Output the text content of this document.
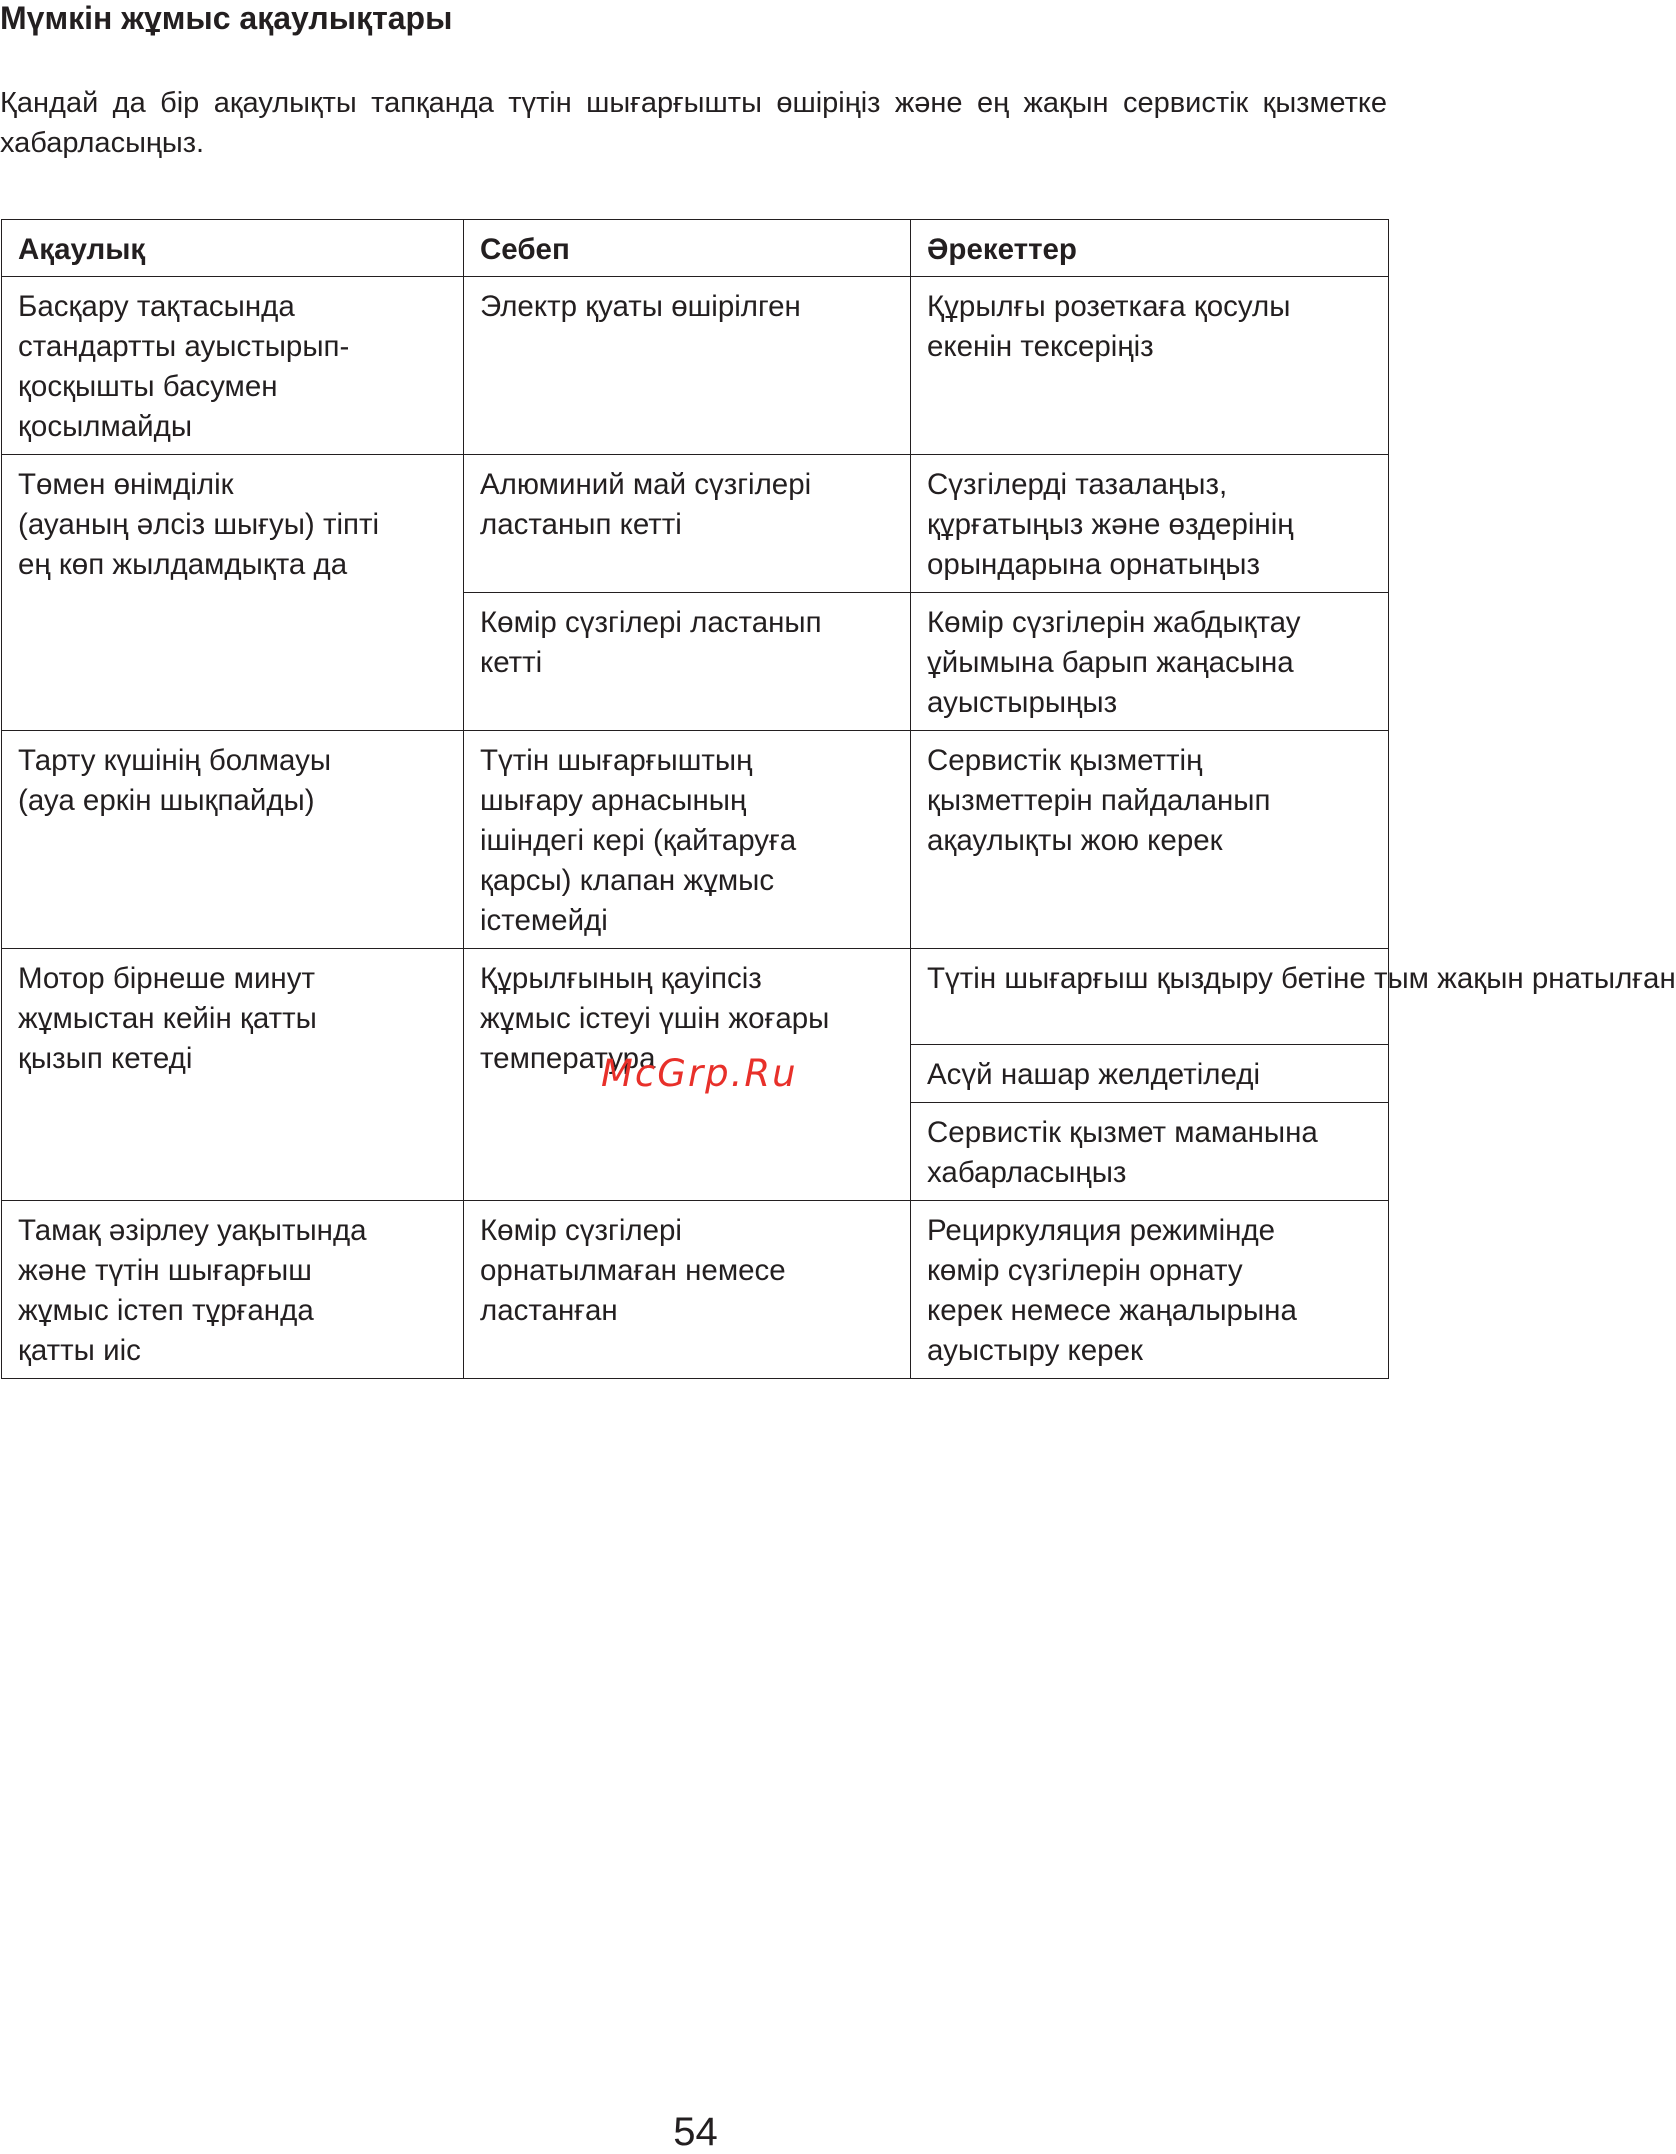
Мүмкін жұмыс ақаулықтары

Қандай да бір ақаулықты тапқанда түтін шығарғышты өшіріңіз және ең жақын сервистік қызметке хабарласыңыз.

Ақаулық	Себеп	Әрекеттер
Басқару тақтасында
стандартты ауыстырып-
қосқышты басумен
қосылмайды	Электр қуаты өшірілген	Құрылғы розеткаға қосулы
екенін тексеріңіз
Төмен өнімділік
(ауаның әлсіз шығуы) тіпті
ең көп жылдамдықта да	Алюминий май сүзгілері
ластанып кетті	Сүзгілерді тазалаңыз,
құрғатыңыз және өздерінің
орындарына орнатыңыз
	Көмір сүзгілері ластанып
кетті	Көмір сүзгілерін жабдықтау
ұйымына барып жаңасына
ауыстырыңыз
Тарту күшінің болмауы
(ауа еркін шықпайды)	Түтін шығарғыштың
шығару арнасының
ішіндегі кері (қайтаруға
қарсы) клапан жұмыс
істемейді	Сервистік қызметтің
қызметтерін пайдаланып
ақаулықты жою керек
Мотор бірнеше минут
жұмыстан кейін қатты
қызып кетеді	Құрылғының қауіпсіз
жұмыс істеуі үшін жоғары
температура	Түтін шығарғыш қыздыру бетіне тым жақын рнатылған
		Асүй нашар желдетіледі
		Сервистік қызмет маманына
хабарласыңыз
Тамақ әзірлеу уақытында
және түтін шығарғыш
жұмыс істеп тұрғанда
қатты иіс	Көмір сүзгілері
орнатылмаған немесе
ластанған	Рециркуляция режимінде
көмір сүзгілерін орнату
керек немесе жаңалырына
ауыстыру керек
McGrp.Ru
54
